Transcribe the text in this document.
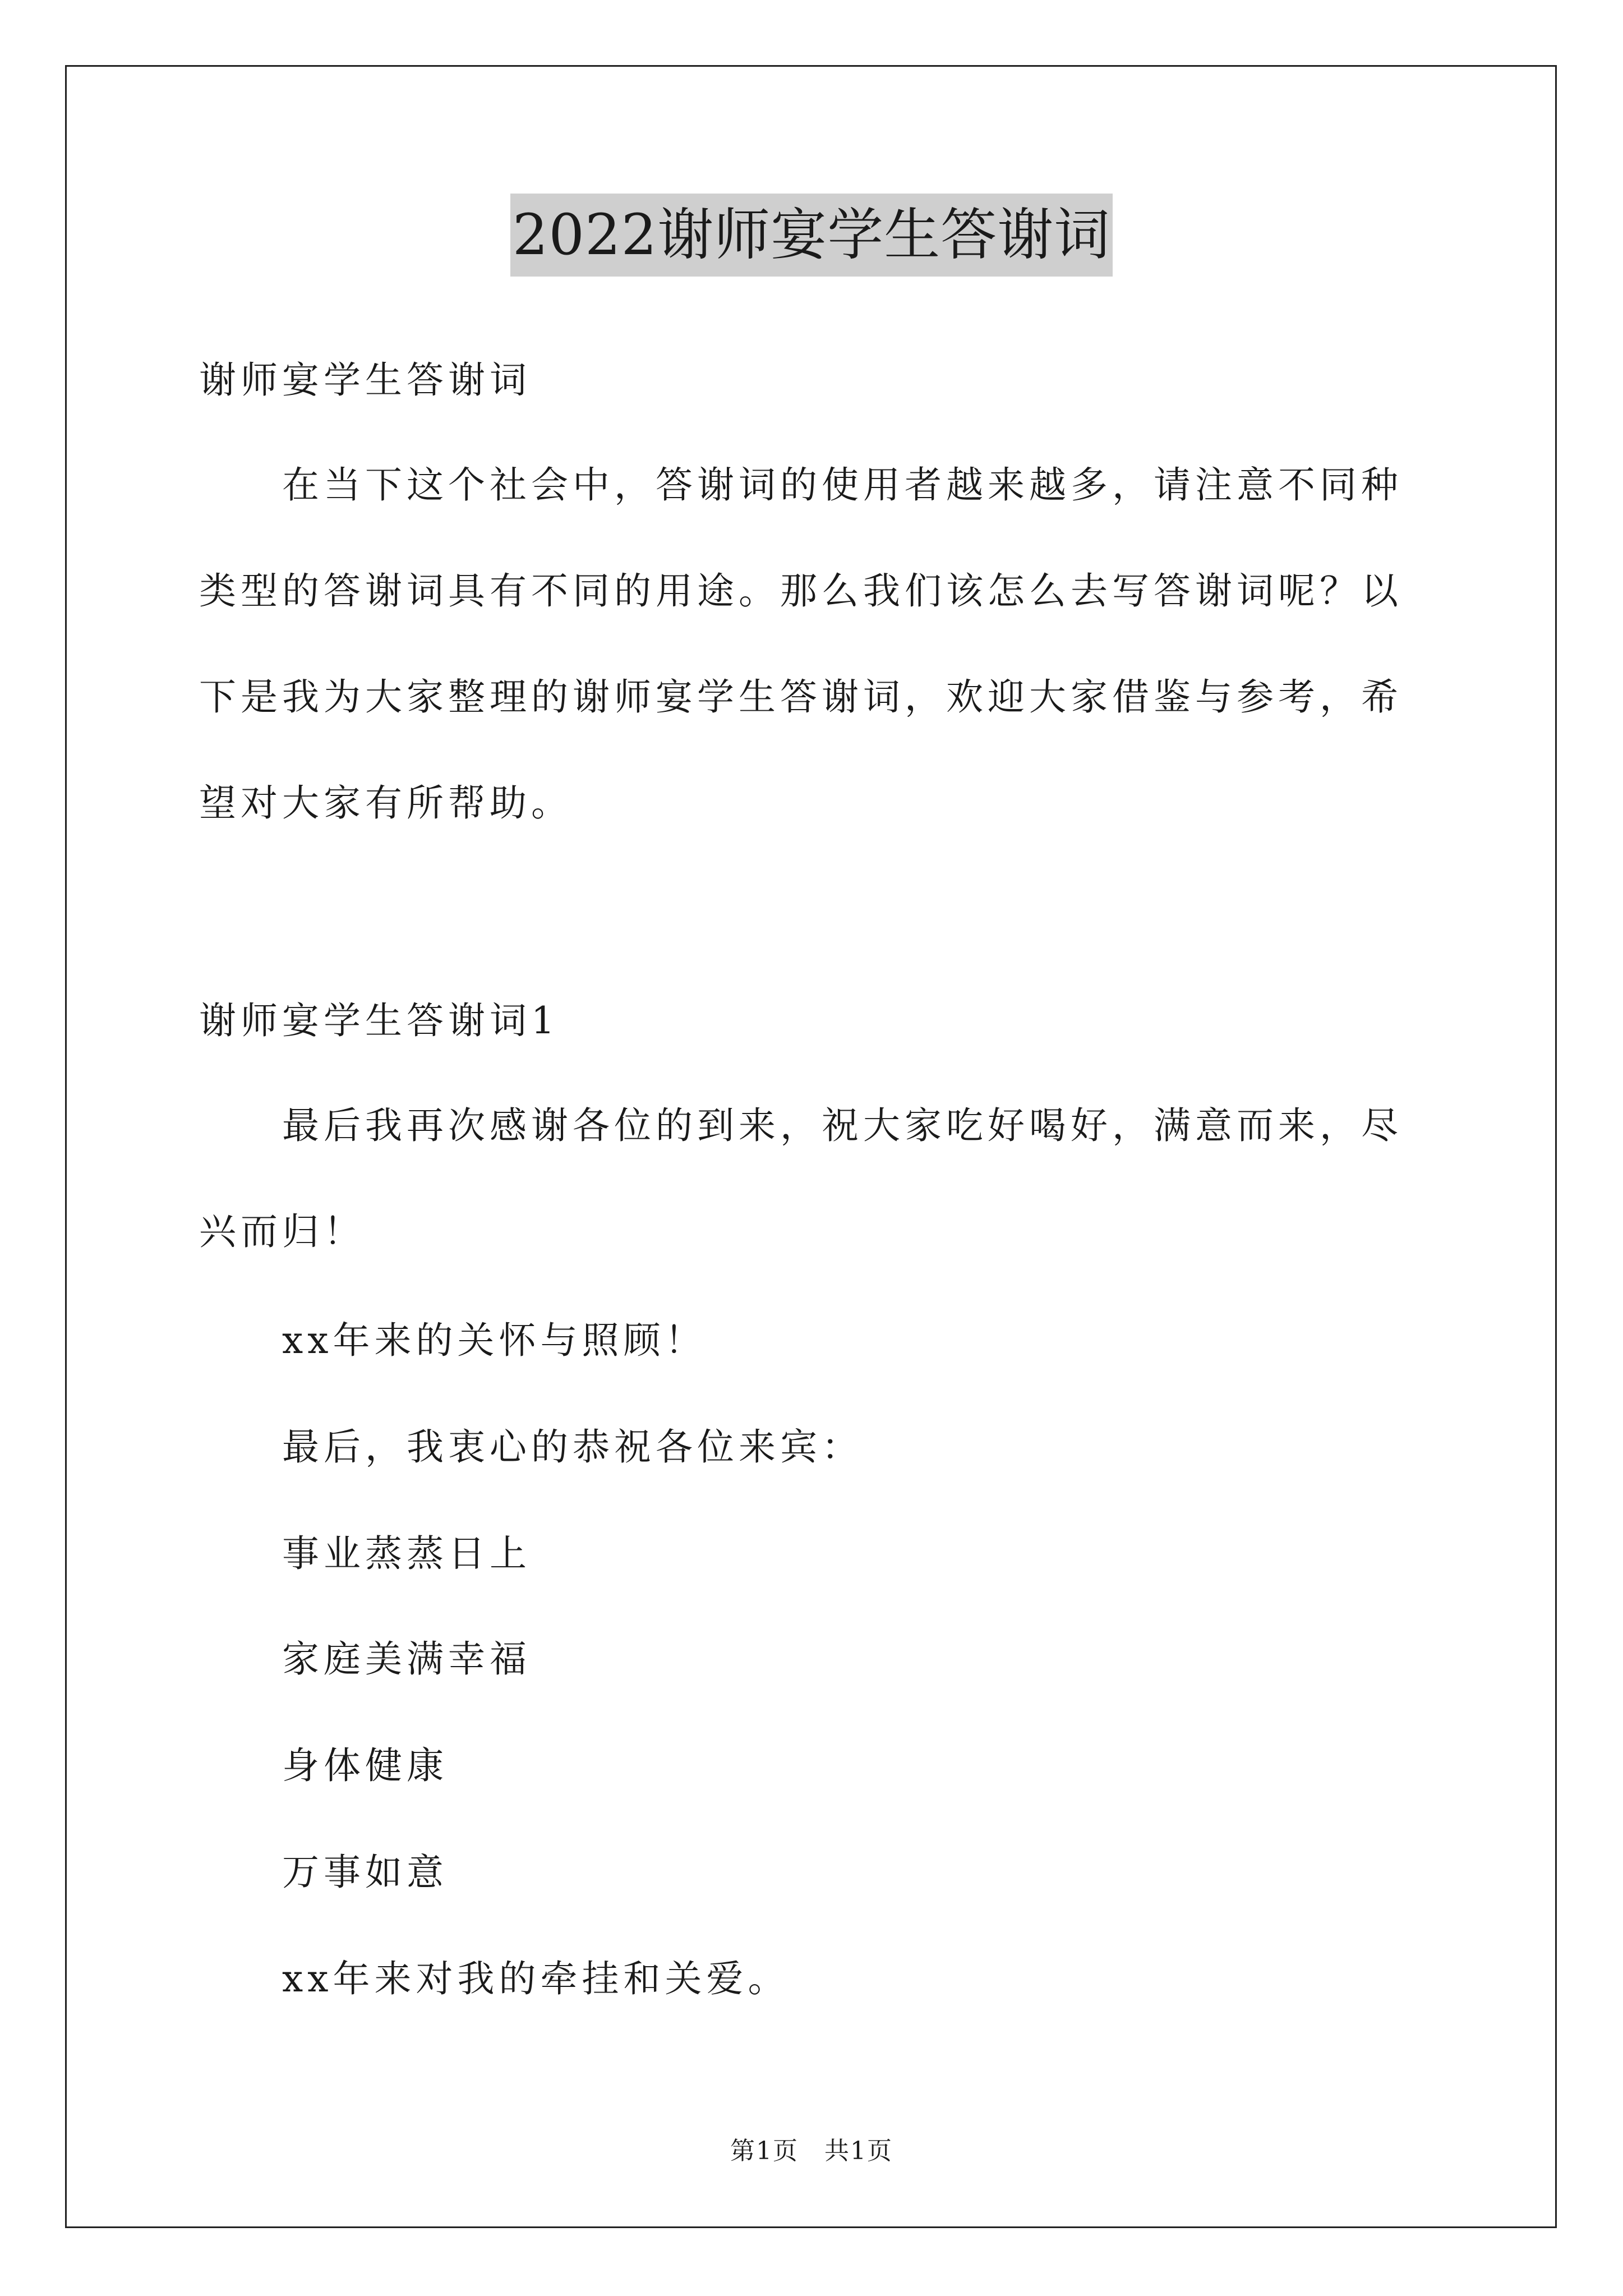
2022谢师宴学生答谢词

谢师宴学生答谢词

在当下这个社会中，答谢词的使用者越来越多，请注意不同种类型的答谢词具有不同的用途。那么我们该怎么去写答谢词呢？以下是我为大家整理的谢师宴学生答谢词，欢迎大家借鉴与参考，希望对大家有所帮助。

谢师宴学生答谢词1

最后我再次感谢各位的到来，祝大家吃好喝好，满意而来，尽兴而归！

xx年来的关怀与照顾！

最后，我衷心的恭祝各位来宾：

事业蒸蒸日上

家庭美满幸福

身体健康

万事如意

xx年来对我的牵挂和关爱。

第1页　共1页
